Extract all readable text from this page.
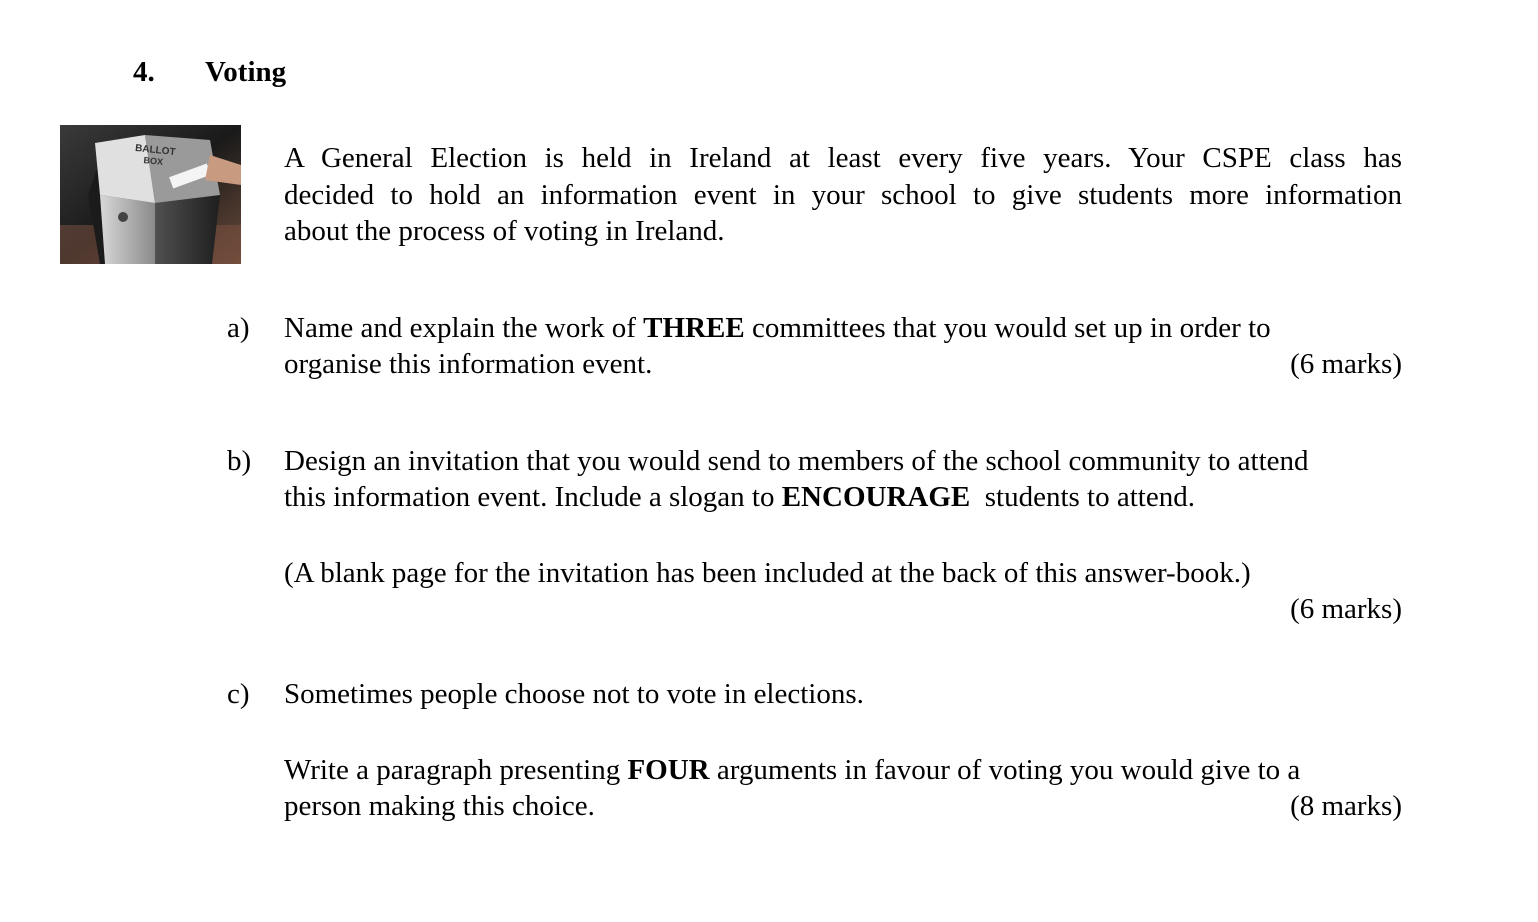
4. Voting
BALLOT
BOX	A General Election is held in Ireland at least every five years. Your CSPE class has
decided to hold an information event in your school to give students more information
about the process of voting in Ireland.
a) Name and explain the work of THREE committees that you would set up in order to
organise this information event.	(6 marks)
b) Design an invitation that you would send to members of the school community to attend
this information event. Include a slogan to ENCOURAGE  students to attend.
(A blank page for the invitation has been included at the back of this answer-book.)
(6 marks)
c) Sometimes people choose not to vote in elections.
Write a paragraph presenting FOUR arguments in favour of voting you would give to a
person making this choice.	(8 marks)
